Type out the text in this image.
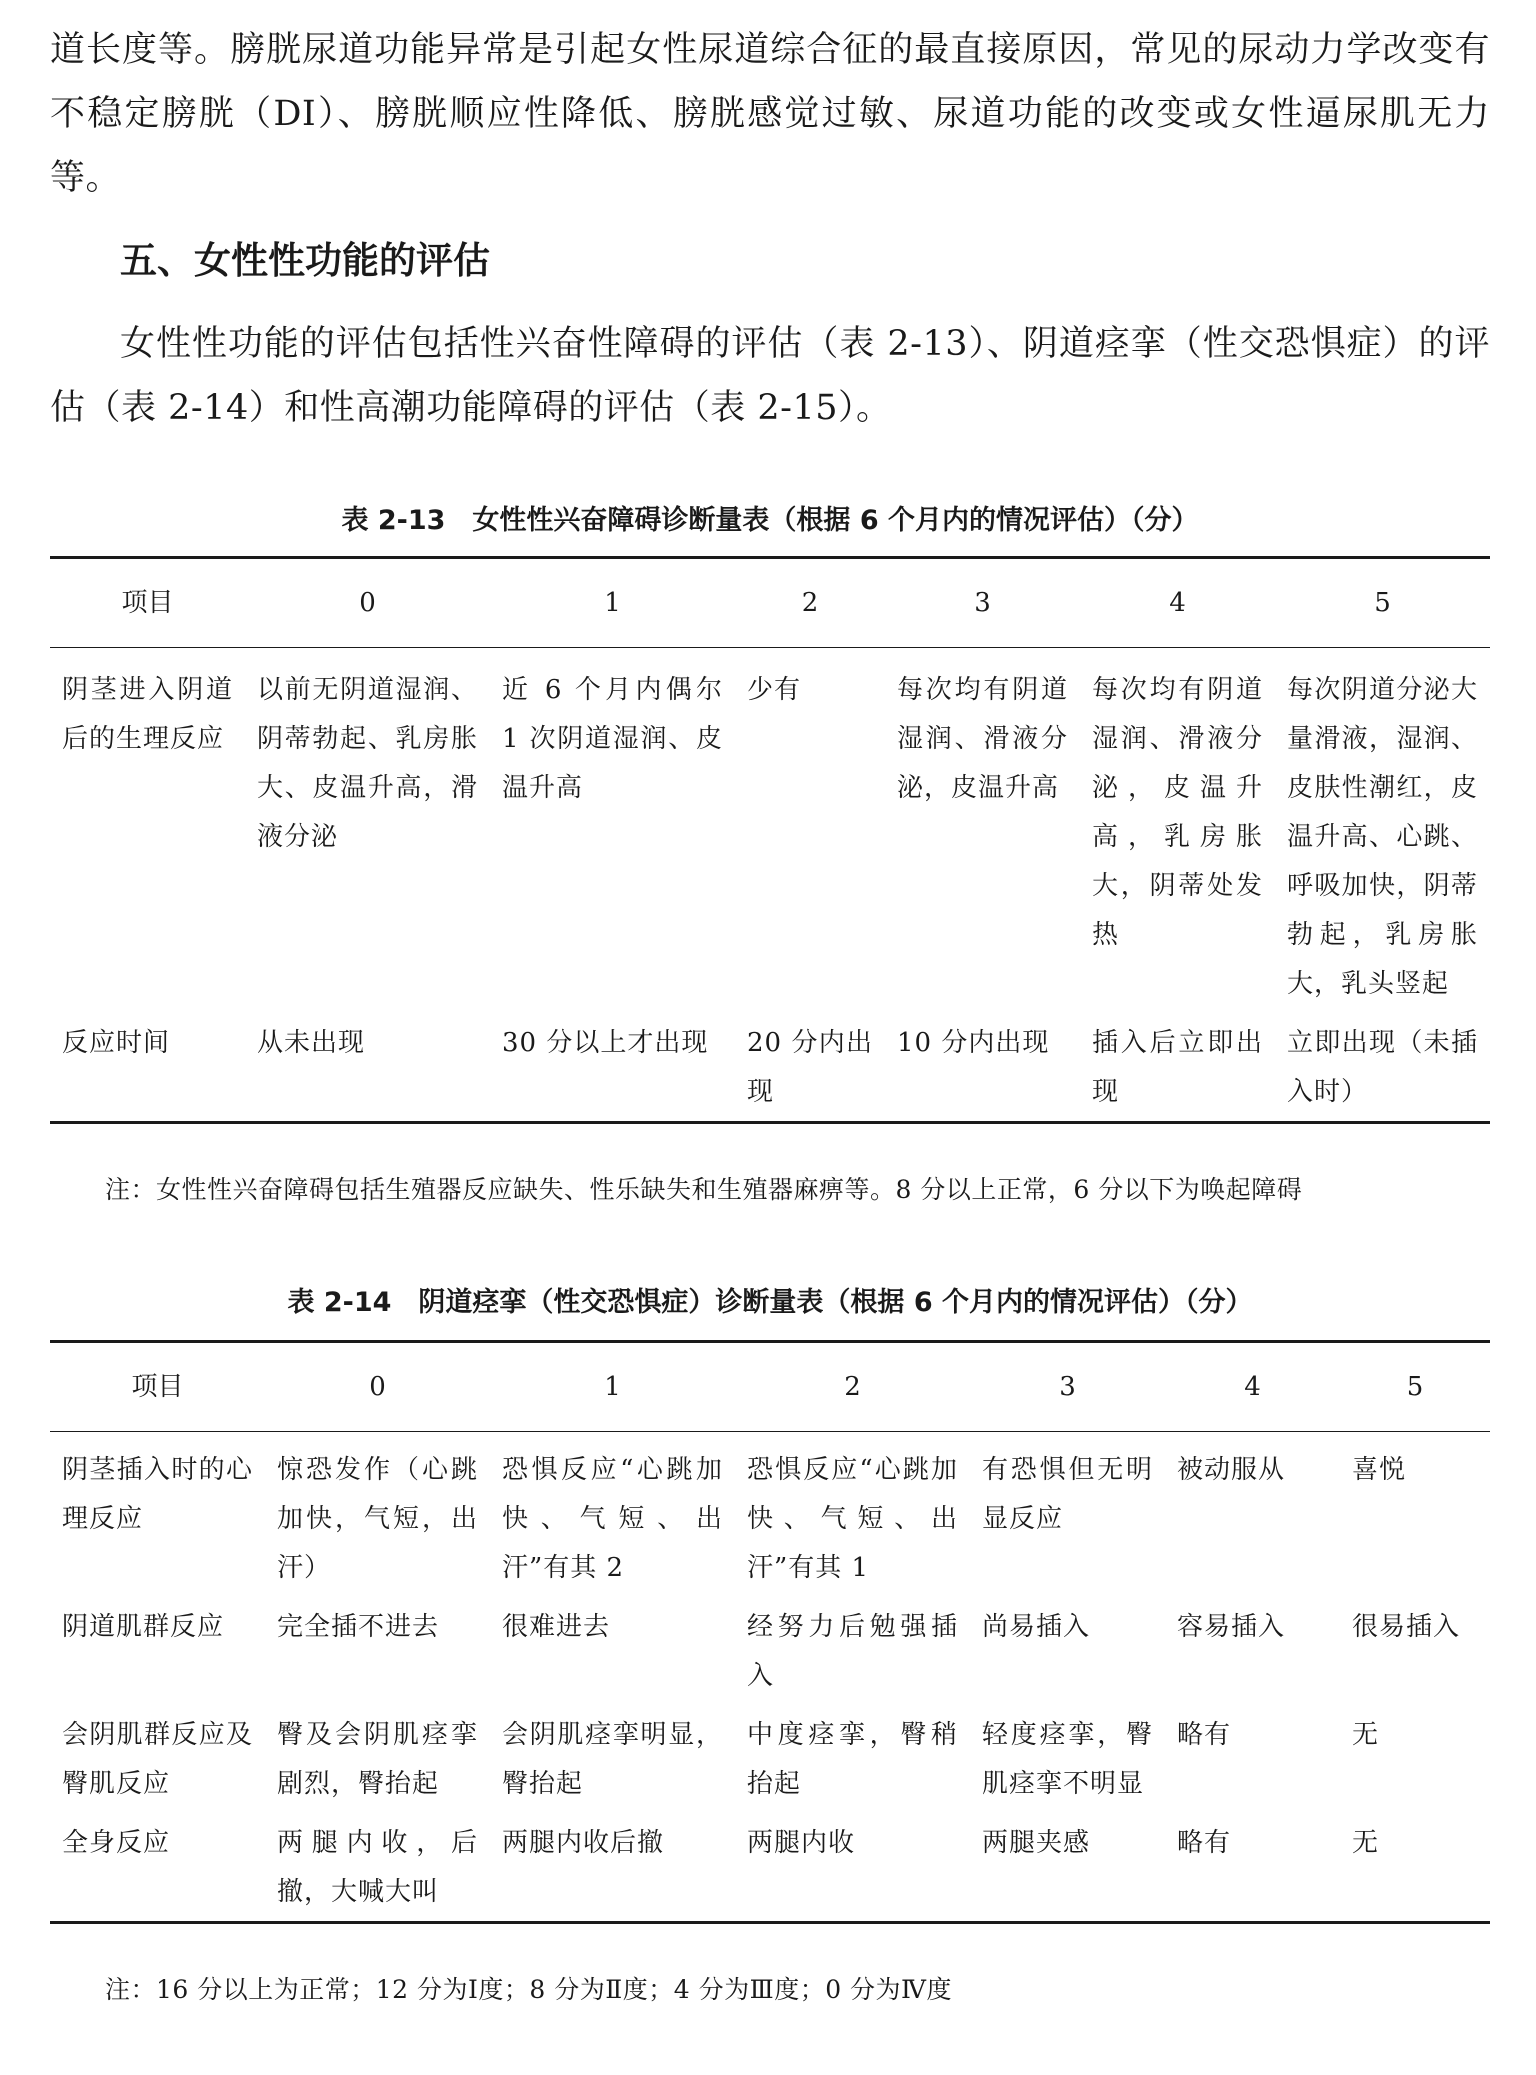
道长度等。膀胱尿道功能异常是引起女性尿道综合征的最直接原因，常见的尿动力学改变有不稳定膀胱（DI）、膀胱顺应性降低、膀胱感觉过敏、尿道功能的改变或女性逼尿肌无力等。

五、女性性功能的评估

女性性功能的评估包括性兴奋性障碍的评估（表 2-13）、阴道痉挛（性交恐惧症）的评估（表 2-14）和性高潮功能障碍的评估（表 2-15）。

表 2-13　女性性兴奋障碍诊断量表（根据 6 个月内的情况评估）（分）
项目	0	1	2	3	4	5
阴茎进入阴道后的生理反应	以前无阴道湿润、阴蒂勃起、乳房胀大、皮温升高，滑液分泌	近 6 个月内偶尔 1 次阴道湿润、皮温升高	少有	每次均有阴道湿润、滑液分泌，皮温升高	每次均有阴道湿润、滑液分泌，皮温升高，乳房胀大，阴蒂处发热	每次阴道分泌大量滑液，湿润、皮肤性潮红，皮温升高、心跳、呼吸加快，阴蒂勃起，乳房胀大，乳头竖起
反应时间	从未出现	30 分以上才出现	20 分内出现	10 分内出现	插入后立即出现	立即出现（未插入时）
注：女性性兴奋障碍包括生殖器反应缺失、性乐缺失和生殖器麻痹等。8 分以上正常，6 分以下为唤起障碍
表 2-14　阴道痉挛（性交恐惧症）诊断量表（根据 6 个月内的情况评估）（分）
项目	0	1	2	3	4	5
阴茎插入时的心理反应	惊恐发作（心跳加快，气短，出汗）	恐惧反应“心跳加快、气短、出汗”有其 2	恐惧反应“心跳加快、气短、出汗”有其 1	有恐惧但无明显反应	被动服从	喜悦
阴道肌群反应	完全插不进去	很难进去	经努力后勉强插入	尚易插入	容易插入	很易插入
会阴肌群反应及臀肌反应	臀及会阴肌痉挛剧烈，臀抬起	会阴肌痉挛明显，臀抬起	中度痉挛，臀稍抬起	轻度痉挛，臀肌痉挛不明显	略有	无
全身反应	两腿内收，后撤，大喊大叫	两腿内收后撤	两腿内收	两腿夹感	略有	无
注：16 分以上为正常；12 分为Ⅰ度；8 分为Ⅱ度；4 分为Ⅲ度；0 分为Ⅳ度
